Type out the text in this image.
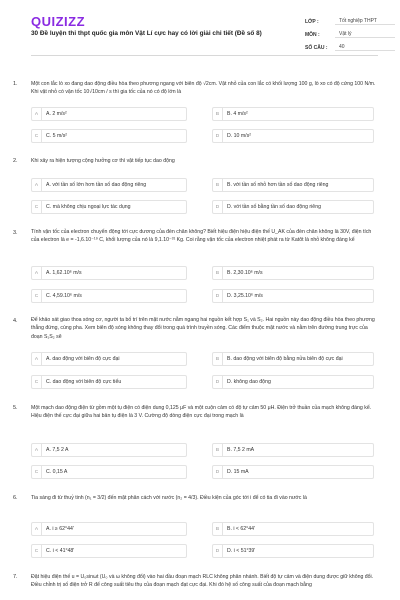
QUIZIZZ	LỚP :	Tốt nghiệp THPT
MÔN :	Vật lý
SỐ CÂU :	40
30 Đề luyện thi thpt quốc gia môn Vật Lí cực hay có lời giải chi tiết (Đề số 8)
1.	Một con lắc lò xo đang dao động điều hòa theo phương ngang với biên độ √2cm. Vật nhỏ của con lắc có khối lượng 100 g, lò xo có độ cứng 100 N/m. Khi vật nhỏ có vận tốc 10√10cm / s thì gia tốc của nó có độ lớn là
A	A. 2 m/s²	B	B. 4 m/s²
C	C. 5 m/s²	D	D. 10 m/s²
2.	Khi xảy ra hiện tượng cộng hưởng cơ thì vật tiếp tục dao động
A	A. với tần số lớn hơn tần số dao động riêng	B	B. với tần số nhỏ hơn tần số dao động riêng
C	C. mà không chịu ngoại lực tác dụng	D	D. với tần số bằng tần số dao động riêng
3.	Tính vận tốc của electron chuyển động tới cực dương của đèn chân không? Biết hiệu điện hiệu điện thế U_AK của đèn chân không là 30V, điện tích của electron là e = -1,6.10⁻¹⁹ C, khối lượng của nó là 9,1.10⁻³¹ Kg. Coi rằng vận tốc của electron nhiệt phát ra từ Katôt là nhỏ không đáng kể
A	A. 1,62.10⁶ m/s	B	B. 2,30.10⁶ m/s
C	C. 4,59.10⁶ m/s	D	D. 3,25.10⁶ m/s
4.	Để khảo sát giao thoa sóng cơ, người ta bố trí trên mặt nước nằm ngang hai nguồn kết hợp S₁ và S₂. Hai nguồn này dao động điều hòa theo phương thẳng đứng, cùng pha. Xem biên độ sóng không thay đổi trong quá trình truyền sóng. Các điểm thuộc mặt nước và nằm trên đường trung trực của đoạn S₁S₂ sẽ
A	A. dao động với biên độ cực đại	B	B. dao động với biên độ bằng nửa biên độ cực đại
C	C. dao động với biên độ cực tiểu	D	D. không dao động
5.	Một mạch dao động điện từ gồm một tụ điện có điện dung 0,125 μF và một cuộn cảm có độ tự cảm 50 μH. Điện trở thuần của mạch không đáng kể. Hiệu điện thế cực đại giữa hai bản tụ điện là 3 V. Cường độ dòng điện cực đại trong mạch là
A	A. 7,5 2 A	B	B. 7,5 2 mA
C	C. 0,15 A	D	D. 15 mA
6.	Tia sáng đi từ thuỷ tinh (n₁ = 3/2) đến mặt phân cách với nước (n₂ = 4/3). Điều kiện của góc tới i để có tia đi vào nước là
A	A. i ≥ 62°44'	B	B. i < 62°44'
C	C. i < 41°48'	D	D. i < 51°39'
7.	Đặt hiệu điện thế u = U₀sinωt (U₀ và ω không đổi) vào hai đầu đoạn mạch RLC không phân nhánh. Biết độ tự cảm và điện dung được giữ không đổi. Điều chỉnh trị số điện trở R để công suất tiêu thụ của đoạn mạch đạt cực đại. Khi đó hệ số công suất của đoạn mạch bằng
